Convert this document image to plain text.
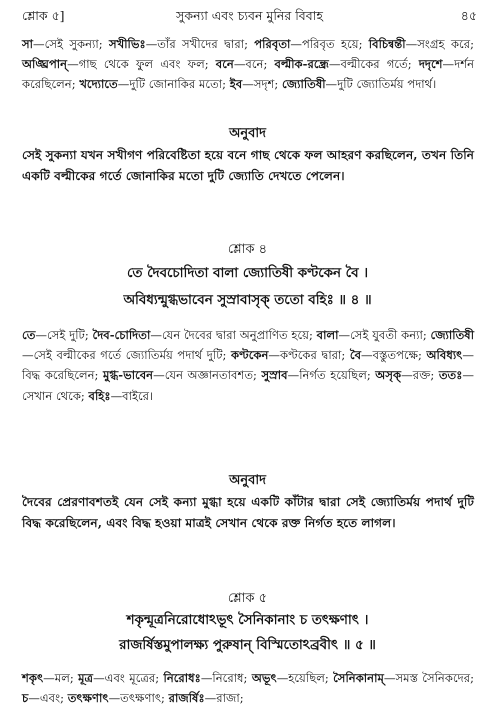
শ্লোক ৫]	সুকন্যা এবং চ্যবন মুনির বিবাহ	৪৫

সা—সেই সুকন্যা; সখীভিঃ—তাঁর সখীদের দ্বারা; পরিবৃতা—পরিবৃত হয়ে; বিচিন্বন্তী—সংগ্রহ করে; অঙ্ঘ্রিপান্—গাছ থেকে ফুল এবং ফল; বনে—বনে; বল্মীক-রন্ধ্রে—বল্মীকের গর্তে; দদৃশে—দর্শন করেছিলেন; খদ্যোতে—দুটি জোনাকির মতো; ইব—সদৃশ; জ্যোতিষী—দুটি জ্যোতির্ময় পদার্থ।

অনুবাদ

সেই সুকন্যা যখন সখীগণ পরিবেষ্টিতা হয়ে বনে গাছ থেকে ফল আহরণ করছিলেন, তখন তিনি একটি বল্মীকের গর্তে জোনাকির মতো দুটি জ্যোতি দেখতে পেলেন।

শ্লোক ৪

তে দৈবচোদিতা বালা জ্যোতিষী কণ্টকেন বৈ ।

অবিধ্যন্মুগ্ধভাবেন সুস্রাবাসৃক্ ততো বহিঃ ॥ ৪ ॥

তে—সেই দুটি; দৈব-চোদিতা—যেন দৈবের দ্বারা অনুপ্রাণিত হয়ে; বালা—সেই যুবতী কন্যা; জ্যোতিষী—সেই বল্মীকের গর্তে জ্যোতির্ময় পদার্থ দুটি; কণ্টকেন—কণ্টকের দ্বারা; বৈ—বস্তুতপক্ষে; অবিধ্যৎ—বিদ্ধ করেছিলেন; মুগ্ধ-ভাবেন—যেন অজ্ঞানতাবশত; সুস্রাব—নির্গত হয়েছিল; অসৃক্—রক্ত; ততঃ—সেখান থেকে; বহিঃ—বাইরে।

অনুবাদ

দৈবের প্রেরণাবশতই যেন সেই কন্যা মুগ্ধা হয়ে একটি কাঁটার দ্বারা সেই জ্যোতির্ময় পদার্থ দুটি বিদ্ধ করেছিলেন, এবং বিদ্ধ হওয়া মাত্রই সেখান থেকে রক্ত নির্গত হতে লাগল।

শ্লোক ৫

শকৃন্মূত্রনিরোধোঽভূৎ সৈনিকানাং চ তৎক্ষণাৎ ।

রাজর্ষিস্তমুপালক্ষ্য পুরুষান্ বিস্মিতোঽব্রবীৎ ॥ ৫ ॥

শকৃৎ—মল; মূত্র—এবং মূত্রের; নিরোধঃ—নিরোধ; অভূৎ—হয়েছিল; সৈনিকানাম্—সমস্ত সৈনিকদের; চ—এবং; তৎক্ষণাৎ—তৎক্ষণাৎ; রাজর্ষিঃ—রাজা;
